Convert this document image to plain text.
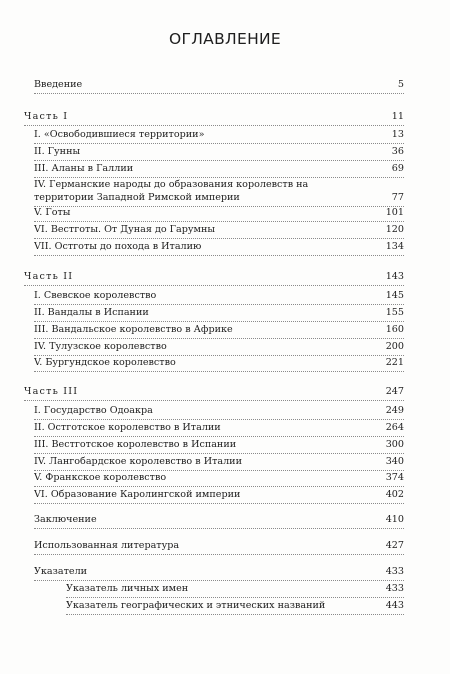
ОГЛАВЛЕНИЕ
Введение	5
Часть I	11
I. «Освободившиеся территории»	13
II. Гунны	36
III. Аланы в Галлии	69
IV. Германские народы до образования королевств на территории Западной Римской империи	77
V. Готы	101
VI. Вестготы. От Дуная до Гарумны	120
VII. Остготы до похода в Италию	134
Часть II	143
I. Свевское королевство	145
II. Вандалы в Испании	155
III. Вандальское королевство в Африке	160
IV. Тулузское королевство	200
V. Бургундское королевство	221
Часть III	247
I. Государство Одоакра	249
II. Остготское королевство в Италии	264
III. Вестготское королевство в Испании	300
IV. Лангобардское королевство в Италии	340
V. Франкское королевство	374
VI. Образование Каролингской империи	402
Заключение	410
Использованная литература	427
Указатели	433
Указатель личных имен	433
Указатель географических и этнических названий	443
